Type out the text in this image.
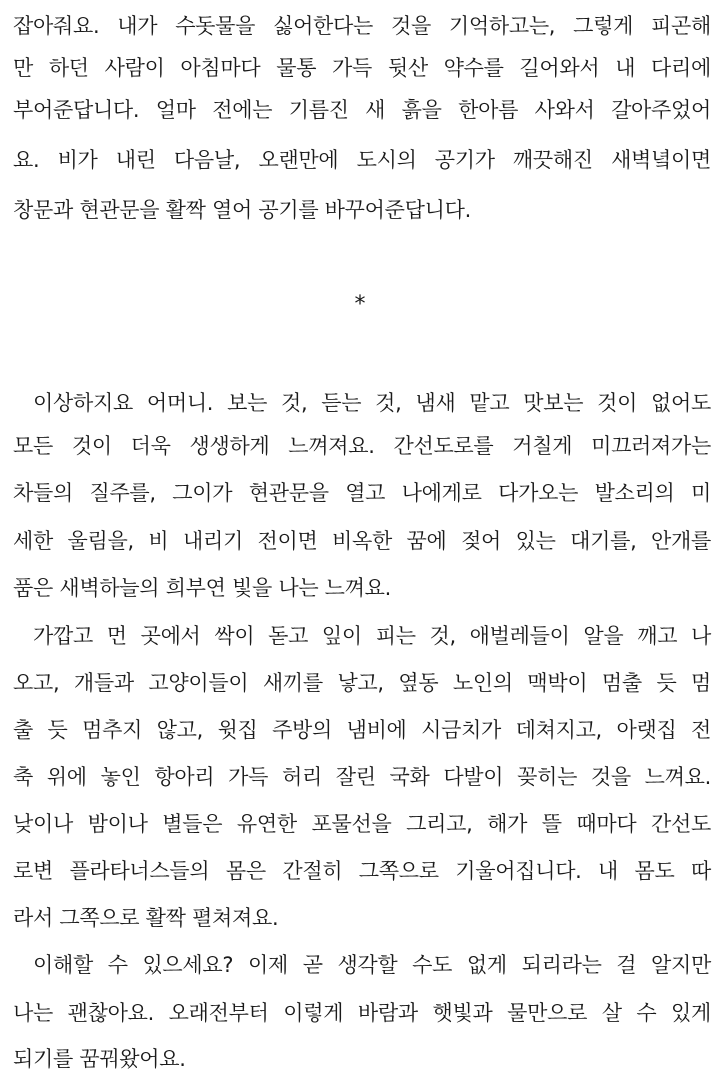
잡아줘요. 내가 수돗물을 싫어한다는 것을 기억하고는, 그렇게 피곤해
만 하던 사람이 아침마다 물통 가득 뒷산 약수를 길어와서 내 다리에
부어준답니다. 얼마 전에는 기름진 새 흙을 한아름 사와서 갈아주었어
요. 비가 내린 다음날, 오랜만에 도시의 공기가 깨끗해진 새벽녘이면
창문과 현관문을 활짝 열어 공기를 바꾸어준답니다.
*
이상하지요 어머니. 보는 것, 듣는 것, 냄새 맡고 맛보는 것이 없어도
모든 것이 더욱 생생하게 느껴져요. 간선도로를 거칠게 미끄러져가는
차들의 질주를, 그이가 현관문을 열고 나에게로 다가오는 발소리의 미
세한 울림을, 비 내리기 전이면 비옥한 꿈에 젖어 있는 대기를, 안개를
품은 새벽하늘의 희부연 빛을 나는 느껴요.
가깝고 먼 곳에서 싹이 돋고 잎이 피는 것, 애벌레들이 알을 깨고 나
오고, 개들과 고양이들이 새끼를 낳고, 옆동 노인의 맥박이 멈출 듯 멈
출 듯 멈추지 않고, 윗집 주방의 냄비에 시금치가 데쳐지고, 아랫집 전
축 위에 놓인 항아리 가득 허리 잘린 국화 다발이 꽂히는 것을 느껴요.
낮이나 밤이나 별들은 유연한 포물선을 그리고, 해가 뜰 때마다 간선도
로변 플라타너스들의 몸은 간절히 그쪽으로 기울어집니다. 내 몸도 따
라서 그쪽으로 활짝 펼쳐져요.
이해할 수 있으세요? 이제 곧 생각할 수도 없게 되리라는 걸 알지만
나는 괜찮아요. 오래전부터 이렇게 바람과 햇빛과 물만으로 살 수 있게
되기를 꿈꿔왔어요.
